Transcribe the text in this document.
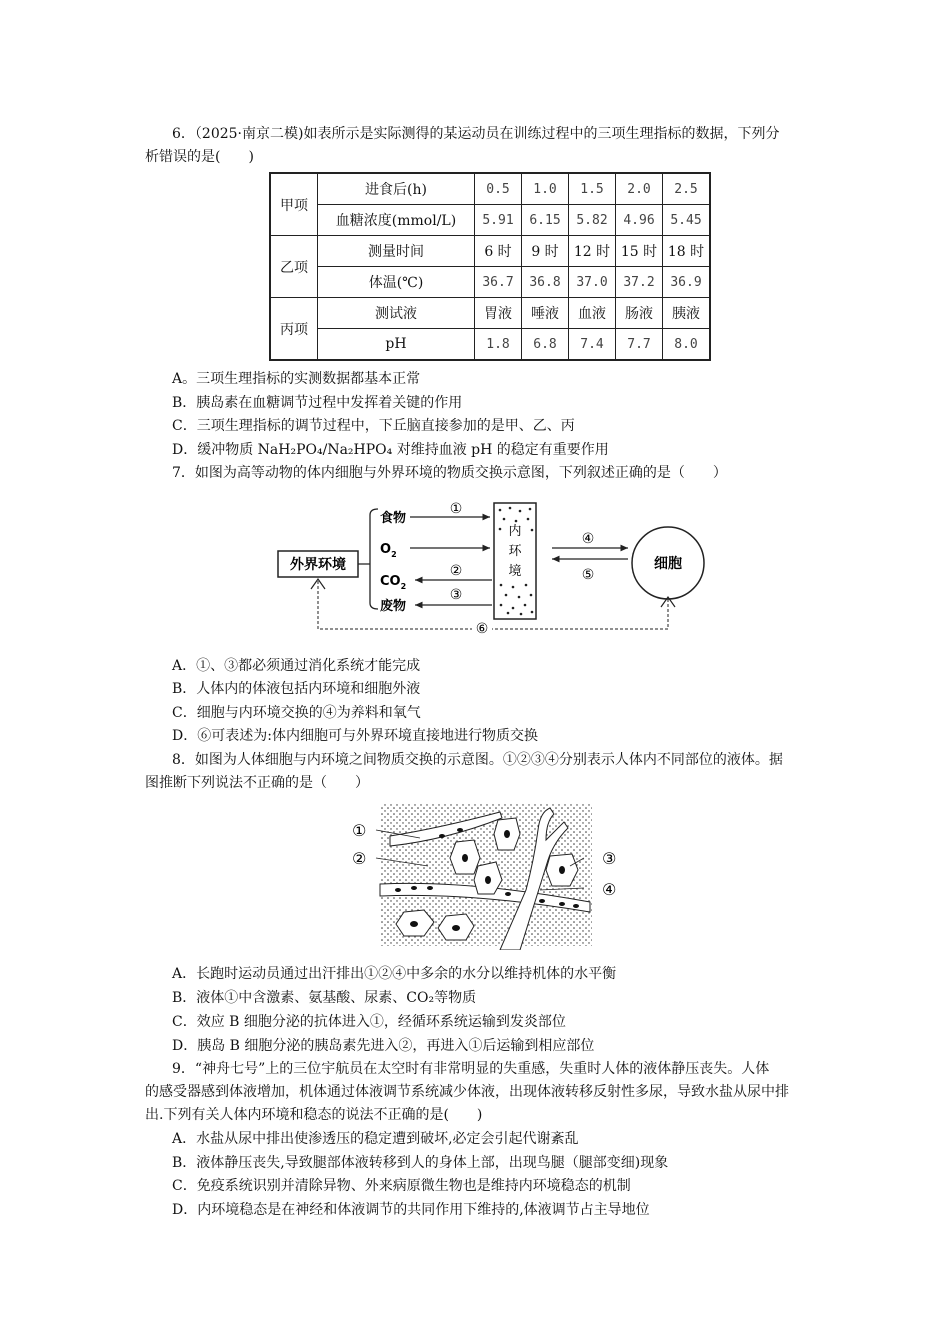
6．（2025·南京二模)如表所示是实际测得的某运动员在训练过程中的三项生理指标的数据，下列分
析错误的是(　　)
甲项	进食后(h)	0.5	1.0	1.5	2.0	2.5
	血糖浓度(mmol/L)	5.91	6.15	5.82	4.96	5.45
乙项	测量时间	6 时	9 时	12 时	15 时	18 时
	体温(℃)	36.7	36.8	37.0	37.2	36.9
丙项	测试液	胃液	唾液	血液	肠液	胰液
	pH	1.8	6.8	7.4	7.7	8.0
A。三项生理指标的实测数据都基本正常
B．胰岛素在血糖调节过程中发挥着关键的作用
C．三项生理指标的调节过程中，下丘脑直接参加的是甲、乙、丙
D．缓冲物质 NaH₂PO₄/Na₂HPO₄ 对维持血液 pH 的稳定有重要作用
7．如图为高等动物的体内细胞与外界环境的物质交换示意图，下列叙述正确的是（　　）
外界环境
食物
$O_2$
$CO_2$
废物
①
②
③
内
环
境
④
⑤
细胞
⑥
A．①、③都必须通过消化系统才能完成
B．人体内的体液包括内环境和细胞外液
C．细胞与内环境交换的④为养料和氧气
D．⑥可表述为:体内细胞可与外界环境直接地进行物质交换
8．如图为人体细胞与内环境之间物质交换的示意图。①②③④分别表示人体内不同部位的液体。据
图推断下列说法不正确的是（　　）
①
②	③
④
A．长跑时运动员通过出汗排出①②④中多余的水分以维持机体的水平衡
B．液体①中含激素、氨基酸、尿素、CO₂等物质
C．效应 B 细胞分泌的抗体进入①，经循环系统运输到发炎部位
D．胰岛 B 细胞分泌的胰岛素先进入②，再进入①后运输到相应部位
9．“神舟七号”上的三位宇航员在太空时有非常明显的失重感，失重时人体的液体静压丧失。人体
的感受器感到体液增加，机体通过体液调节系统减少体液，出现体液转移反射性多尿，导致水盐从尿中排
出.下列有关人体内环境和稳态的说法不正确的是(　　)
A．水盐从尿中排出使渗透压的稳定遭到破坏,必定会引起代谢紊乱
B．液体静压丧失,导致腿部体液转移到人的身体上部，出现鸟腿（腿部变细)现象
C．免疫系统识别并清除异物、外来病原微生物也是维持内环境稳态的机制
D．内环境稳态是在神经和体液调节的共同作用下维持的,体液调节占主导地位
